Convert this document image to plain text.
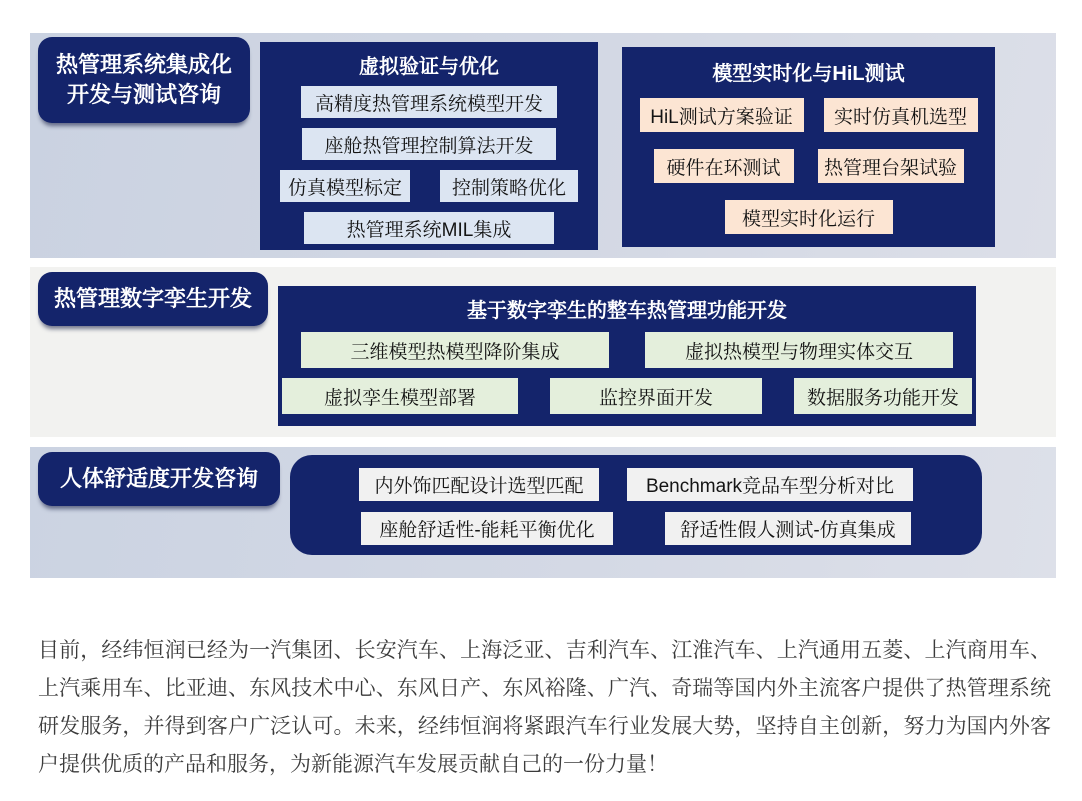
热管理系统集成化
开发与测试咨询
虚拟验证与优化
高精度热管理系统模型开发
座舱热管理控制算法开发
仿真模型标定	控制策略优化
热管理系统MIL集成
模型实时化与HiL测试
HiL测试方案验证	实时仿真机选型
硬件在环测试	热管理台架试验
模型实时化运行
热管理数字孪生开发	基于数字孪生的整车热管理功能开发
三维模型热模型降阶集成	虚拟热模型与物理实体交互
虚拟孪生模型部署	监控界面开发	数据服务功能开发
人体舒适度开发咨询	内外饰匹配设计选型匹配	Benchmark竞品车型分析对比
座舱舒适性-能耗平衡优化	舒适性假人测试-仿真集成

目前，经纬恒润已经为一汽集团、长安汽车、上海泛亚、吉利汽车、江淮汽车、上汽通用五菱、上汽商用车、上汽乘用车、比亚迪、东风技术中心、东风日产、东风裕隆、广汽、奇瑞等国内外主流客户提供了热管理系统研发服务，并得到客户广泛认可。未来，经纬恒润将紧跟汽车行业发展大势，坚持自主创新，努力为国内外客户提供优质的产品和服务，为新能源汽车发展贡献自己的一份力量！
